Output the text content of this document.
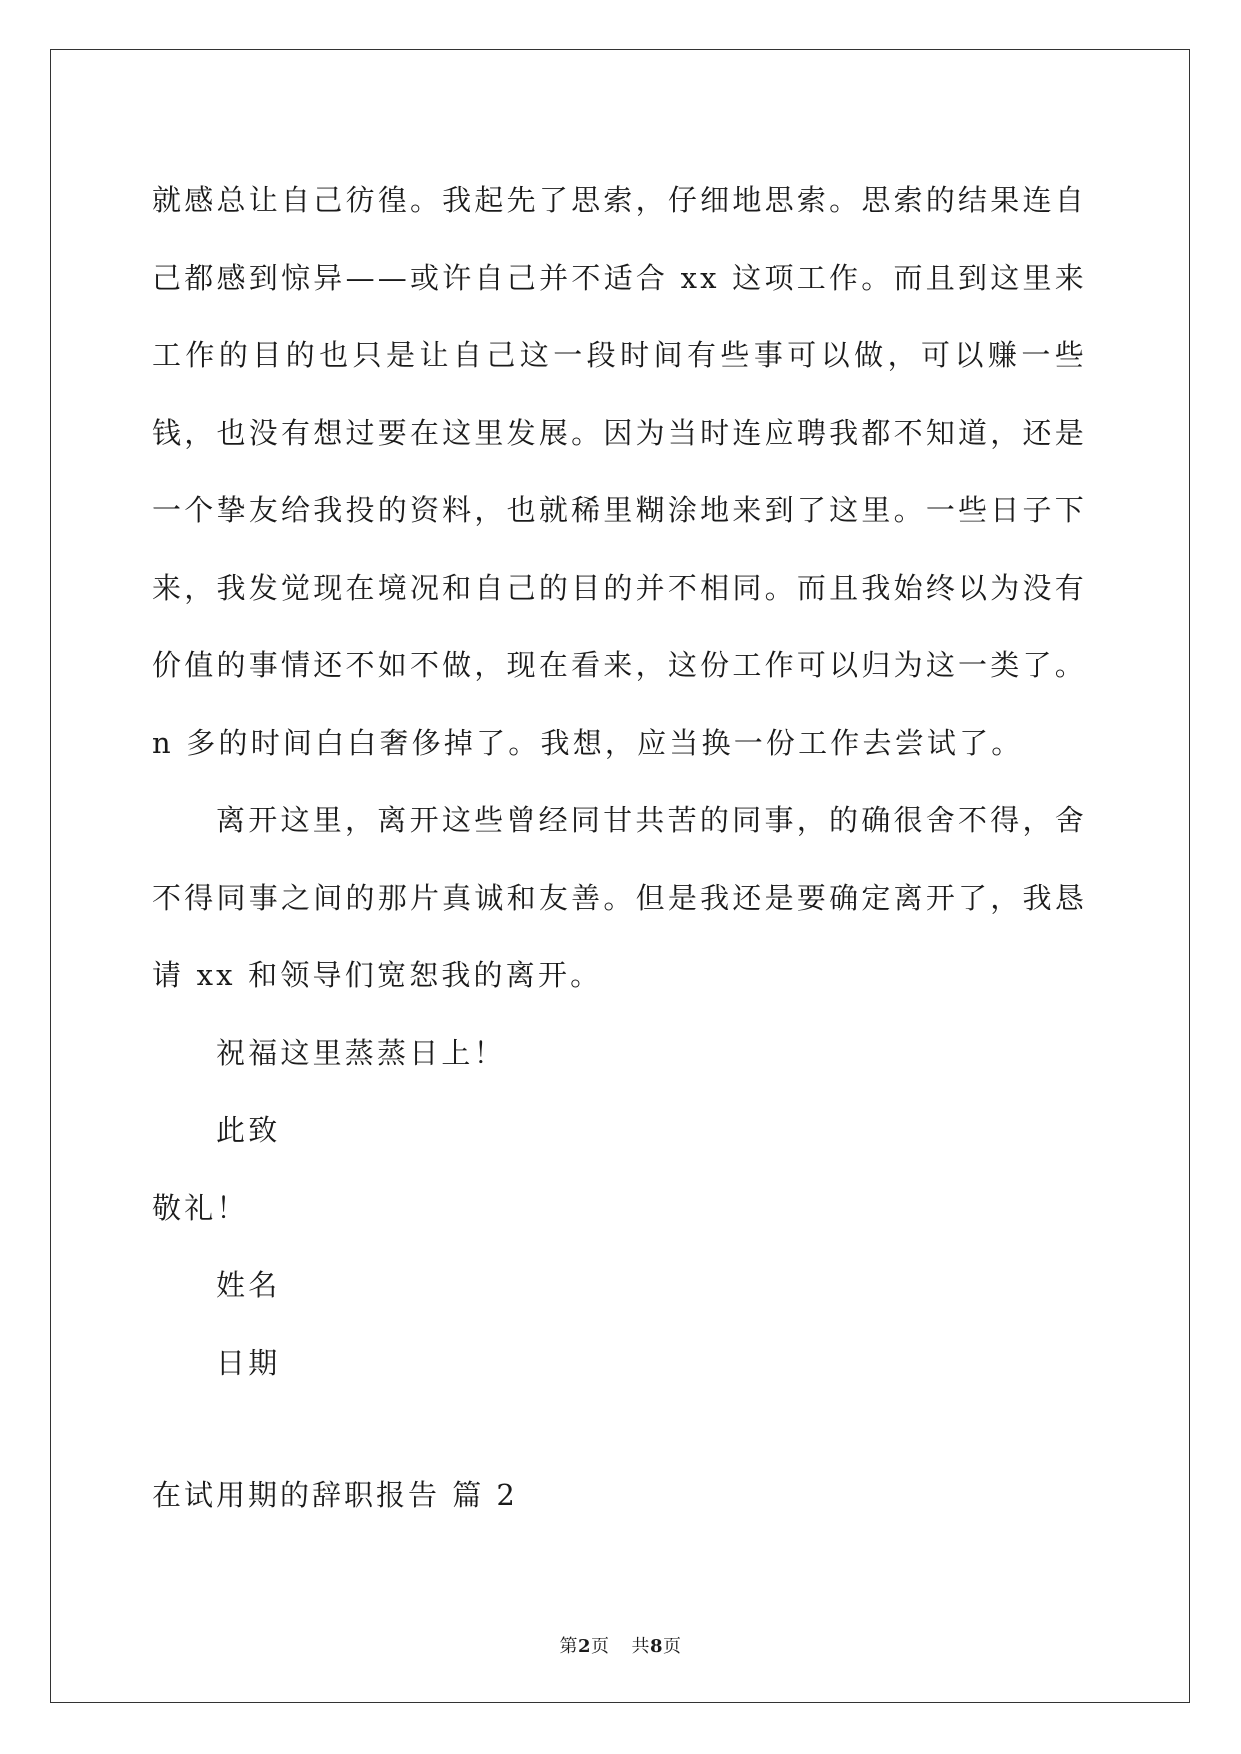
就感总让自己彷徨。我起先了思索，仔细地思索。思索的结果连自己都感到惊异——或许自己并不适合 xx 这项工作。而且到这里来工作的目的也只是让自己这一段时间有些事可以做，可以赚一些钱，也没有想过要在这里发展。因为当时连应聘我都不知道，还是一个挚友给我投的资料，也就稀里糊涂地来到了这里。一些日子下来，我发觉现在境况和自己的目的并不相同。而且我始终以为没有价值的事情还不如不做，现在看来，这份工作可以归为这一类了。n 多的时间白白奢侈掉了。我想，应当换一份工作去尝试了。

离开这里，离开这些曾经同甘共苦的同事，的确很舍不得，舍不得同事之间的那片真诚和友善。但是我还是要确定离开了，我恳请 xx 和领导们宽恕我的离开。

祝福这里蒸蒸日上！
此致
敬礼！
姓名
日期
在试用期的辞职报告 篇 2
第2页 共8页
